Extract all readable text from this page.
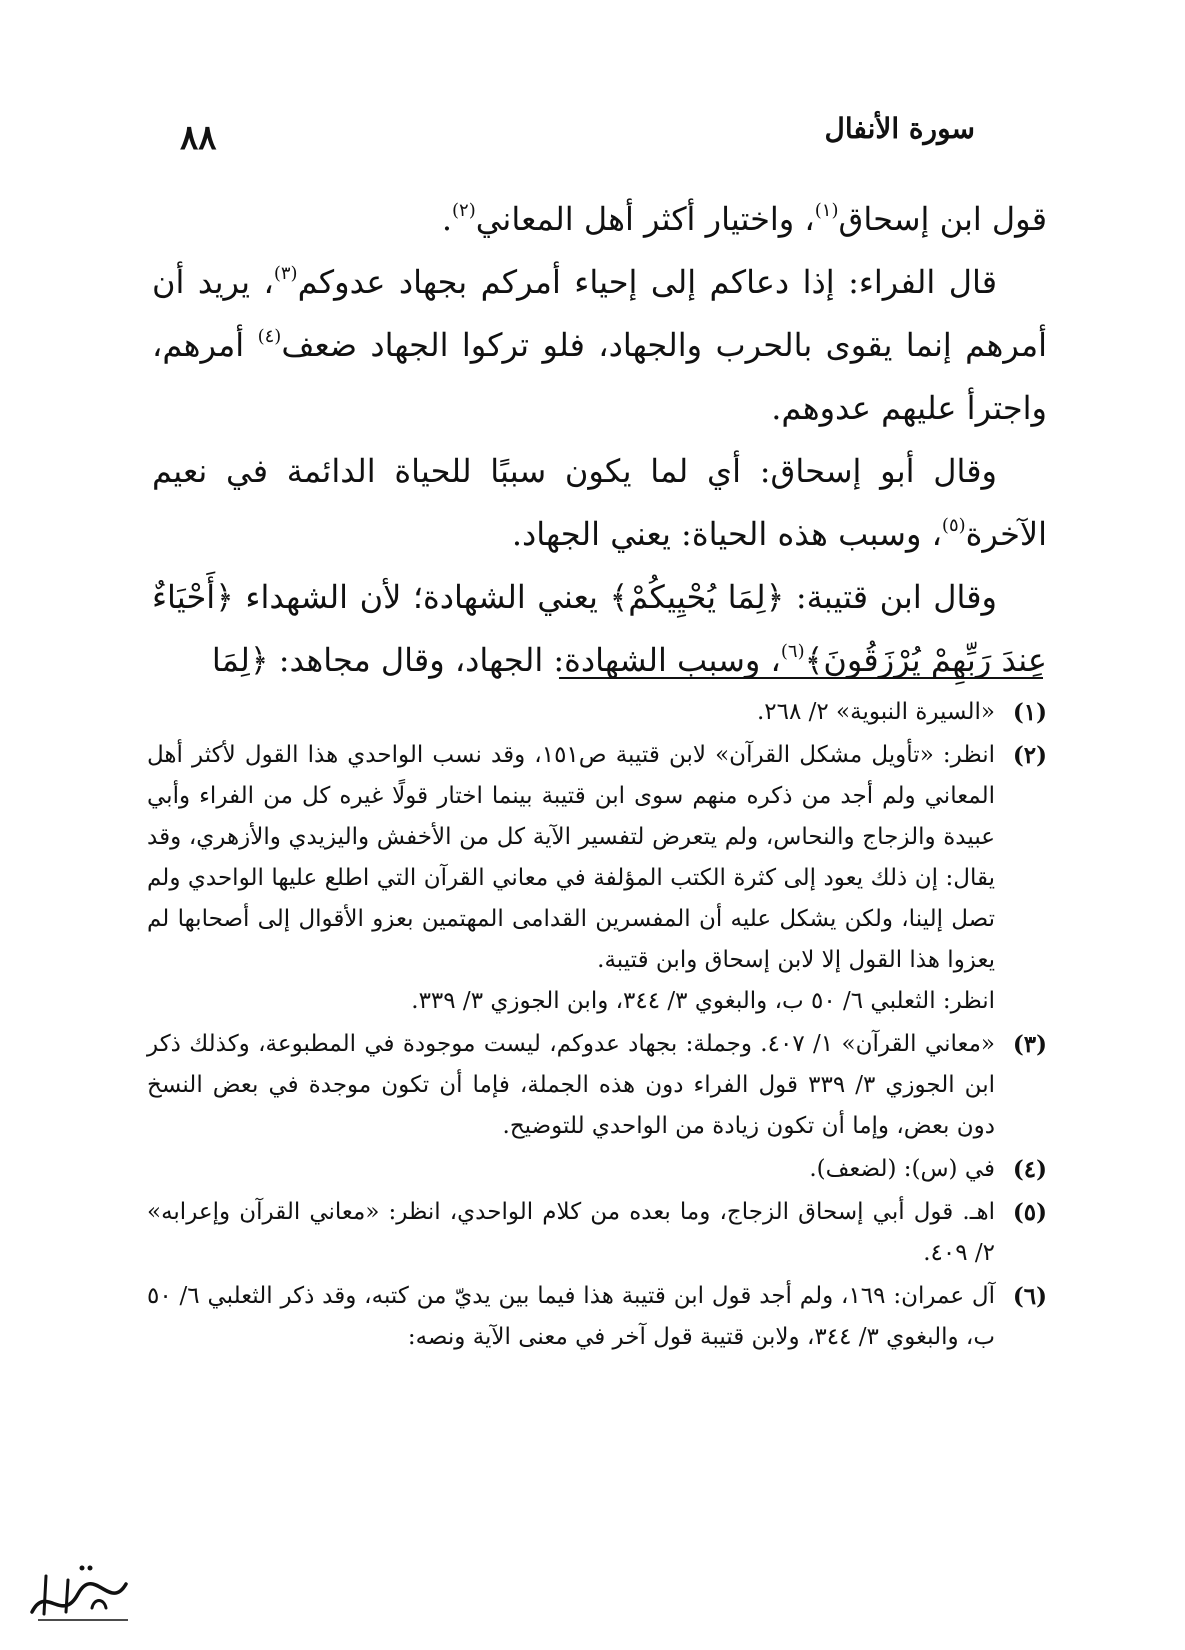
سورة الأنفال
٨٨

قول ابن إسحاق$^{(١)}$، واختيار أكثر أهل المعاني$^{(٢)}$.

قال الفراء: إذا دعاكم إلى إحياء أمركم بجهاد عدوكم$^{(٣)}$، يريد أن أمرهم إنما يقوى بالحرب والجهاد، فلو تركوا الجهاد ضعف$^{(٤)}$ أمرهم، واجترأ عليهم عدوهم.

وقال أبو إسحاق: أي لما يكون سببًا للحياة الدائمة في نعيم الآخرة$^{(٥)}$، وسبب هذه الحياة: يعني الجهاد.

وقال ابن قتيبة: ﴿لِمَا يُحْيِيكُمْ﴾ يعني الشهادة؛ لأن الشهداء ﴿أَحْيَاءٌ عِندَ رَبِّهِمْ يُرْزَقُونَ﴾$^{(٦)}$، وسبب الشهادة: الجهاد، وقال مجاهد: ﴿لِمَا

(١)
«السيرة النبوية» ٢/ ٢٦٨.
(٢)
انظر: «تأويل مشكل القرآن» لابن قتيبة ص١٥١، وقد نسب الواحدي هذا القول لأكثر أهل المعاني ولم أجد من ذكره منهم سوى ابن قتيبة بينما اختار قولًا غيره كل من الفراء وأبي عبيدة والزجاج والنحاس، ولم يتعرض لتفسير الآية كل من الأخفش واليزيدي والأزهري، وقد يقال: إن ذلك يعود إلى كثرة الكتب المؤلفة في معاني القرآن التي اطلع عليها الواحدي ولم تصل إلينا، ولكن يشكل عليه أن المفسرين القدامى المهتمين بعزو الأقوال إلى أصحابها لم يعزوا هذا القول إلا لابن إسحاق وابن قتيبة.
انظر: الثعلبي ٦/ ٥٠ ب، والبغوي ٣/ ٣٤٤، وابن الجوزي ٣/ ٣٣٩.
(٣)
«معاني القرآن» ١/ ٤٠٧. وجملة: بجهاد عدوكم، ليست موجودة في المطبوعة، وكذلك ذكر ابن الجوزي ٣/ ٣٣٩ قول الفراء دون هذه الجملة، فإما أن تكون موجدة في بعض النسخ دون بعض، وإما أن تكون زيادة من الواحدي للتوضيح.
(٤)
في (س): (لضعف).
(٥)
اهـ. قول أبي إسحاق الزجاج، وما بعده من كلام الواحدي، انظر: «معاني القرآن وإعرابه» ٢/ ٤٠٩.
(٦)
آل عمران: ١٦٩، ولم أجد قول ابن قتيبة هذا فيما بين يديّ من كتبه، وقد ذكر الثعلبي ٦/ ٥٠ ب، والبغوي ٣/ ٣٤٤، ولابن قتيبة قول آخر في معنى الآية ونصه:
